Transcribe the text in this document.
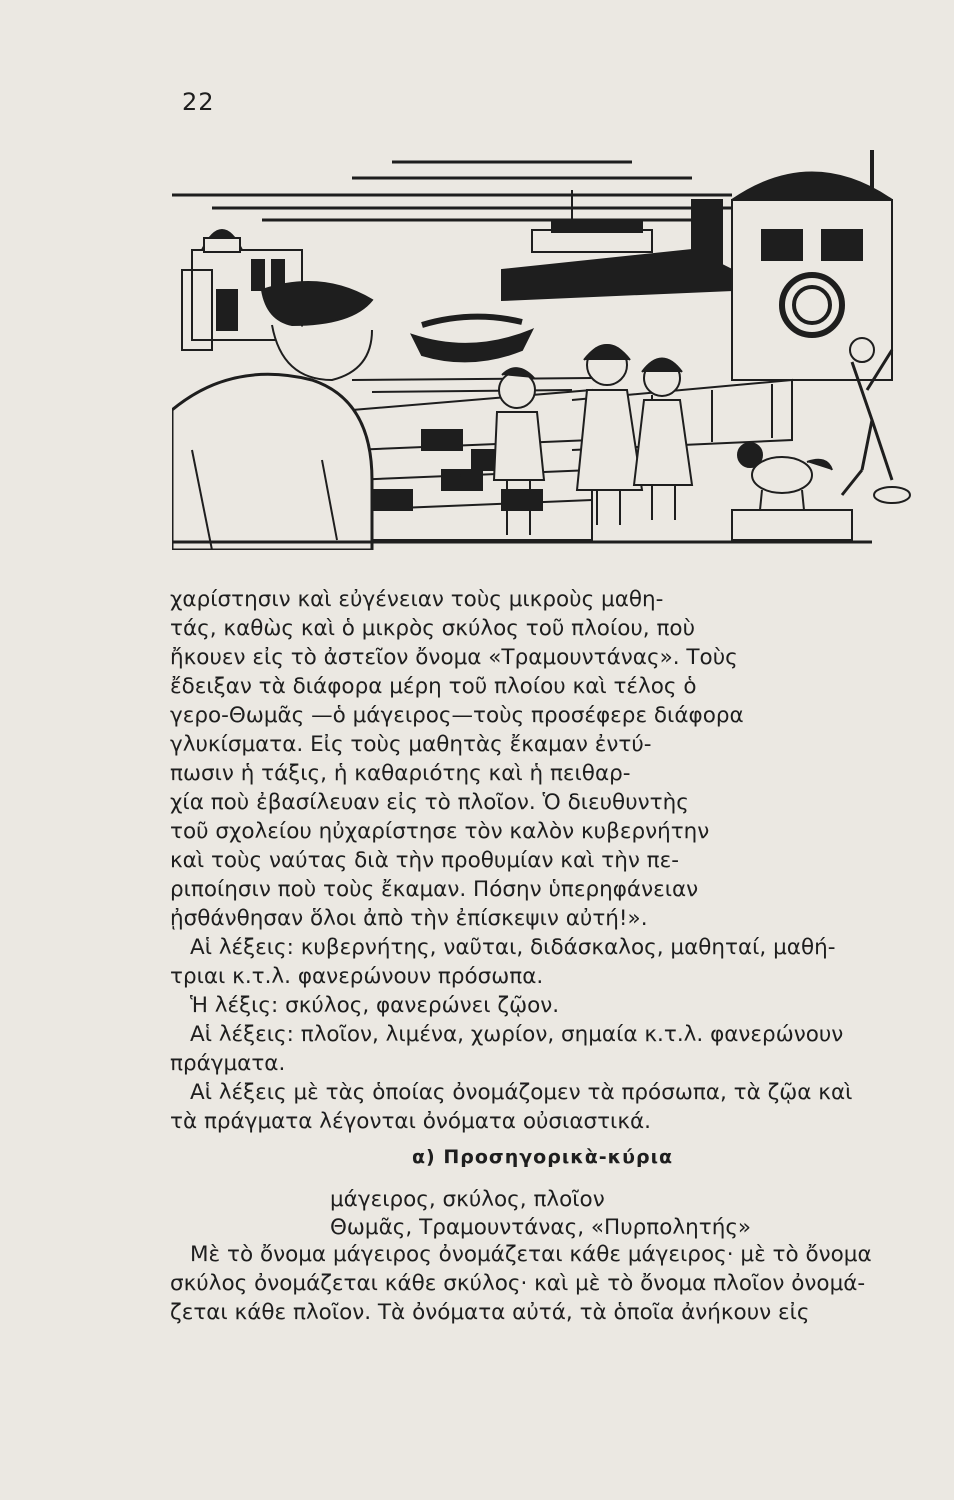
22

χαρίστησιν καὶ εὐγένειαν τοὺς μικροὺς μαθη-
τάς, καθὼς καὶ ὁ μικρὸς σκύλος τοῦ πλοίου, ποὺ
ἤκουεν εἰς τὸ ἀστεῖον ὄνομα «Τραμουντάνας». Τοὺς
ἔδειξαν τὰ διάφορα μέρη τοῦ πλοίου καὶ τέλος ὁ
γερο-Θωμᾶς —ὁ μάγειρος—τοὺς προσέφερε διάφορα
γλυκίσματα. Εἰς τοὺς μαθητὰς ἔκαμαν ἐντύ-
πωσιν ἡ τάξις, ἡ καθαριότης καὶ ἡ πειθαρ-
χία ποὺ ἐβασίλευαν εἰς τὸ πλοῖον. Ὁ διευθυντὴς
τοῦ σχολείου ηὐχαρίστησε τὸν καλὸν κυβερνήτην
καὶ τοὺς ναύτας διὰ τὴν προθυμίαν καὶ τὴν πε-
ριποίησιν ποὺ τοὺς ἔκαμαν. Πόσην ὑπερηφάνειαν
ᾐσθάνθησαν ὅλοι ἀπὸ τὴν ἐπίσκεψιν αὐτή!».

Αἱ λέξεις: κυβερνήτης, ναῦται, διδάσκαλος, μαθηταί, μαθή-
τριαι κ.τ.λ. φανερώνουν πρόσωπα.
Ἡ λέξις: σκύλος, φανερώνει ζῷον.
Αἱ λέξεις: πλοῖον, λιμένα, χωρίον, σημαία κ.τ.λ. φανερώνουν
πράγματα.
Αἱ λέξεις μὲ τὰς ὁποίας ὀνομάζομεν τὰ πρόσωπα, τὰ ζῷα καὶ
τὰ πράγματα λέγονται ὀνόματα οὐσιαστικά.

α) Προσηγορικὰ-κύρια
μάγειρος, σκύλος, πλοῖον
Θωμᾶς, Τραμουντάνας, «Πυρπολητής»
Μὲ τὸ ὄνομα μάγειρος ὀνομάζεται κάθε μάγειρος· μὲ τὸ ὄνομα
σκύλος ὀνομάζεται κάθε σκύλος· καὶ μὲ τὸ ὄνομα πλοῖον ὀνομά-
ζεται κάθε πλοῖον. Τὰ ὀνόματα αὐτά, τὰ ὁποῖα ἀνήκουν εἰς
